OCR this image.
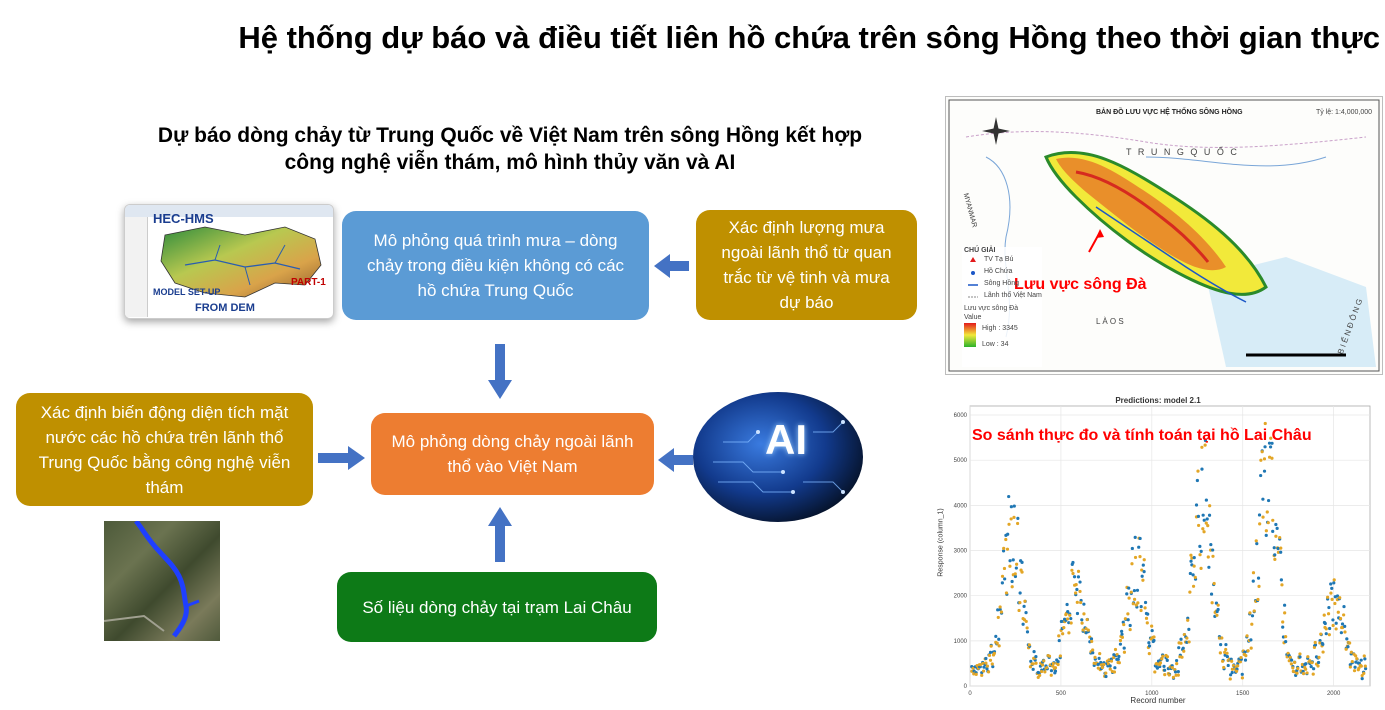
Hệ thống dự báo và điều tiết liên hồ chứa trên sông Hồng theo thời gian thực
Dự báo dòng chảy từ Trung Quốc về Việt Nam trên sông Hồng kết hợp
công nghệ viễn thám, mô hình thủy văn và AI
HEC-HMS
PART-1
MODEL SET-UP
FROM DEM
Mô phỏng quá trình mưa – dòng chảy trong điều kiện không có các hồ chứa Trung Quốc
Xác định lượng mưa ngoài lãnh thổ từ quan trắc từ vệ tinh và mưa dự báo
Xác định biến động diện tích mặt nước các hồ chứa trên lãnh thổ Trung Quốc bằng công nghệ viễn thám
Mô phỏng dòng chảy ngoài lãnh thổ vào Việt Nam
Số liệu dòng chảy tại trạm Lai Châu
AI
BẢN ĐỒ LƯU VỰC HỆ THỐNG SÔNG HỒNG	Tỷ lệ: 1:4,000,000
T R U N G Q U Ố C
MYANMAR
L À O S	B I Ể N Đ Ô N G
Lưu vực sông Đà
CHÚ GIẢI
TV Tạ Bú
Hồ Chứa
Sông Hồng
Lãnh thổ Việt Nam
Lưu vực sông Đà
Value
High : 3345
Low : 34
0
1000
2000
3000
4000
5000
6000
0	500	1000	1500	2000
Predictions: model 2.1
So sánh thực đo và tính toán tại hồ Lai Châu
Record number
Response (column_1)
